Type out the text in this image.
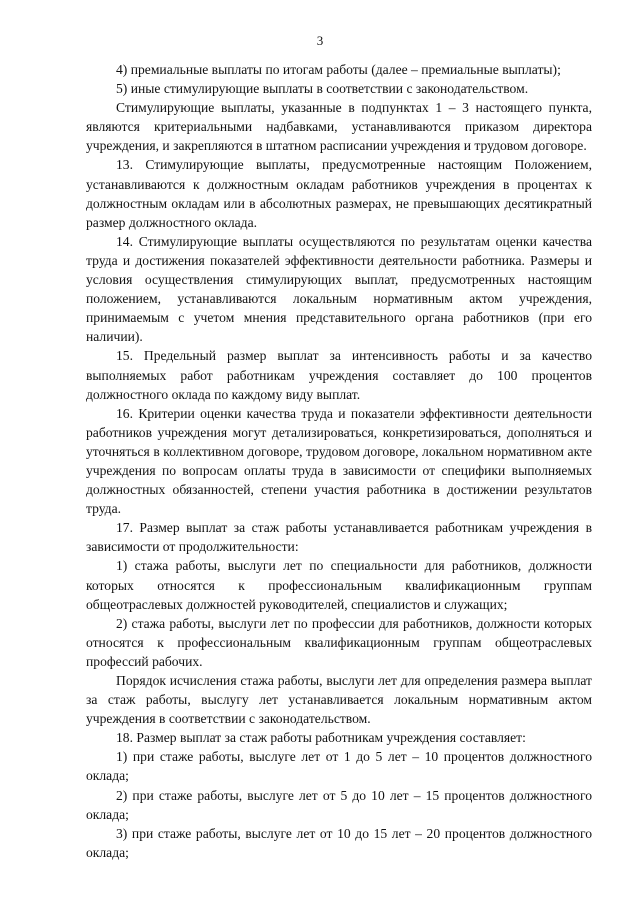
3

4) премиальные выплаты по итогам работы (далее – премиальные выплаты);

5) иные стимулирующие выплаты в соответствии с законодательством.

Стимулирующие выплаты, указанные в подпунктах 1 – 3 настоящего пункта, являются критериальными надбавками, устанавливаются приказом директора учреждения, и закрепляются в штатном расписании учреждения и трудовом договоре.

13. Стимулирующие выплаты, предусмотренные настоящим Положением, устанавливаются к должностным окладам работников учреждения в процентах к должностным окладам или в абсолютных размерах, не превышающих десятикратный размер должностного оклада.

14. Стимулирующие выплаты осуществляются по результатам оценки качества труда и достижения показателей эффективности деятельности работника. Размеры и условия осуществления стимулирующих выплат, предусмотренных настоящим положением, устанавливаются локальным нормативным актом учреждения, принимаемым с учетом мнения представительного органа работников (при его наличии).

15. Предельный размер выплат за интенсивность работы и за качество выполняемых работ работникам учреждения составляет до 100 процентов должностного оклада по каждому виду выплат.

16. Критерии оценки качества труда и показатели эффективности деятельности работников учреждения могут детализироваться, конкретизироваться, дополняться и уточняться в коллективном договоре, трудовом договоре, локальном нормативном акте учреждения по вопросам оплаты труда в зависимости от специфики выполняемых должностных обязанностей, степени участия работника в достижении результатов труда.

17. Размер выплат за стаж работы устанавливается работникам учреждения в зависимости от продолжительности:

1) стажа работы, выслуги лет по специальности для работников, должности которых относятся к профессиональным квалификационным группам общеотраслевых должностей руководителей, специалистов и служащих;

2) стажа работы, выслуги лет по профессии для работников, должности которых относятся к профессиональным квалификационным группам общеотраслевых профессий рабочих.

Порядок исчисления стажа работы, выслуги лет для определения размера выплат за стаж работы, выслугу лет устанавливается локальным нормативным актом учреждения в соответствии с законодательством.

18. Размер выплат за стаж работы работникам учреждения составляет:

1) при стаже работы, выслуге лет от 1 до 5 лет – 10 процентов должностного оклада;

2) при стаже работы, выслуге лет от 5 до 10 лет – 15 процентов должностного оклада;

3) при стаже работы, выслуге лет от 10 до 15 лет – 20 процентов должностного оклада;
